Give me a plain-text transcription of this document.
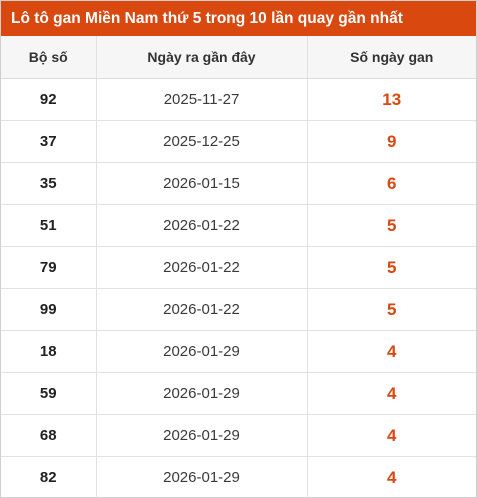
Lô tô gan Miền Nam thứ 5 trong 10 lần quay gần nhất
Bộ số	Ngày ra gần đây	Số ngày gan
92	2025-11-27	13
37	2025-12-25	9
35	2026-01-15	6
51	2026-01-22	5
79	2026-01-22	5
99	2026-01-22	5
18	2026-01-29	4
59	2026-01-29	4
68	2026-01-29	4
82	2026-01-29	4
